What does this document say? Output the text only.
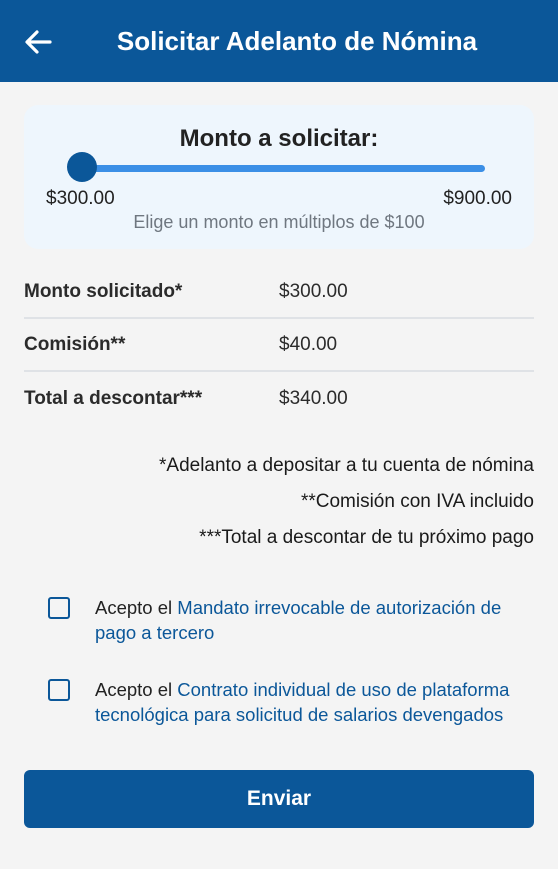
Solicitar Adelanto de Nómina
Monto a solicitar:
$300.00	$900.00
Elige un monto en múltiplos de $100
Monto solicitado*	$300.00
Comisión**	$40.00
Total a descontar***	$340.00
*Adelanto a depositar a tu cuenta de nómina
**Comisión con IVA incluido
***Total a descontar de tu próximo pago
Acepto el Mandato irrevocable de autorización de pago a tercero
Acepto el Contrato individual de uso de plataforma tecnológica para solicitud de salarios devengados
Enviar
